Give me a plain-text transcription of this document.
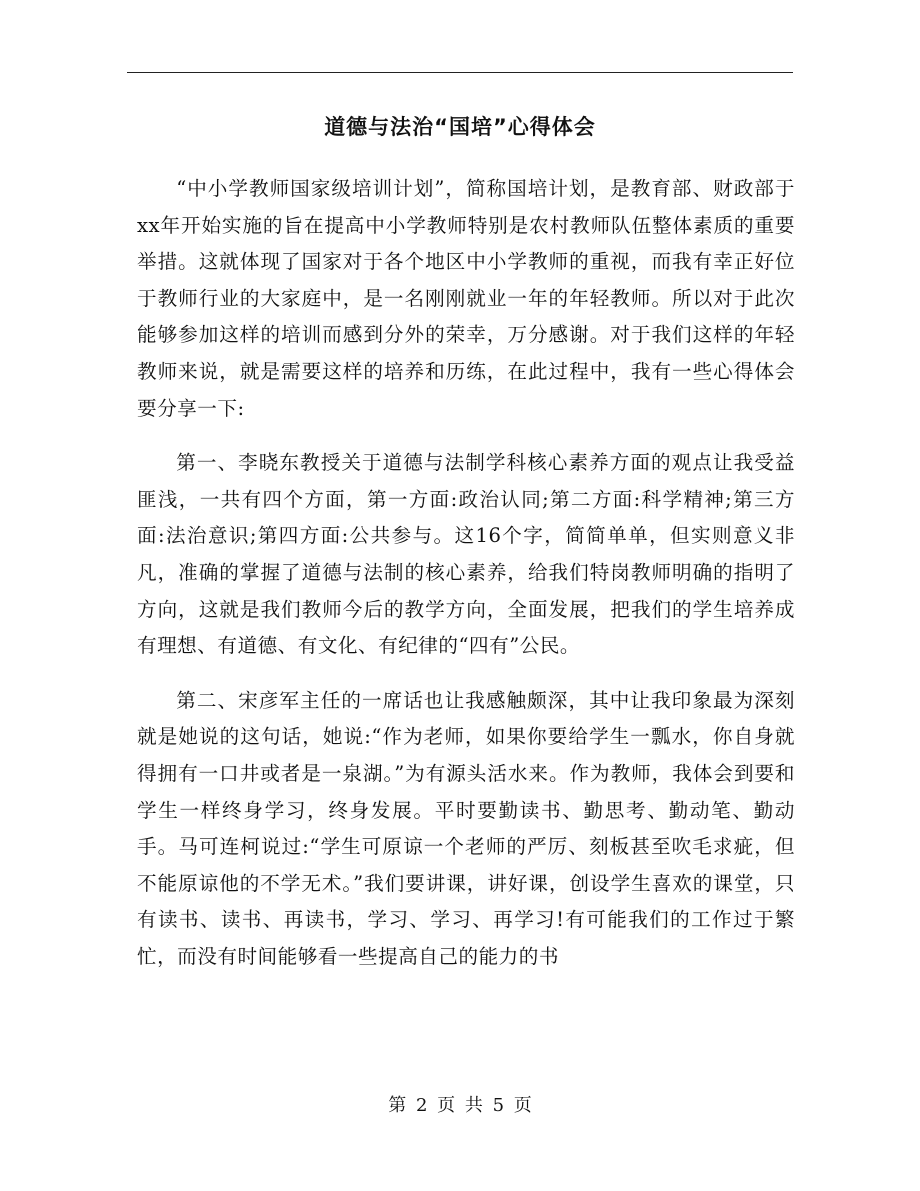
道德与法治“国培”心得体会

“中小学教师国家级培训计划”，简称国培计划，是教育部、财政部于xx年开始实施的旨在提高中小学教师特别是农村教师队伍整体素质的重要举措。这就体现了国家对于各个地区中小学教师的重视，而我有幸正好位于教师行业的大家庭中，是一名刚刚就业一年的年轻教师。所以对于此次能够参加这样的培训而感到分外的荣幸，万分感谢。对于我们这样的年轻教师来说，就是需要这样的培养和历练，在此过程中，我有一些心得体会要分享一下:

第一、李晓东教授关于道德与法制学科核心素养方面的观点让我受益匪浅，一共有四个方面，第一方面:政治认同;第二方面:科学精神;第三方面:法治意识;第四方面:公共参与。这16个字，简简单单，但实则意义非凡，准确的掌握了道德与法制的核心素养，给我们特岗教师明确的指明了方向，这就是我们教师今后的教学方向，全面发展，把我们的学生培养成有理想、有道德、有文化、有纪律的“四有”公民。

第二、宋彦军主任的一席话也让我感触颇深，其中让我印象最为深刻就是她说的这句话，她说:“作为老师，如果你要给学生一瓢水，你自身就得拥有一口井或者是一泉湖。”为有源头活水来。作为教师，我体会到要和学生一样终身学习，终身发展。平时要勤读书、勤思考、勤动笔、勤动手。马可连柯说过:“学生可原谅一个老师的严厉、刻板甚至吹毛求疵，但不能原谅他的不学无术。”我们要讲课，讲好课，创设学生喜欢的课堂，只有读书、读书、再读书，学习、学习、再学习!有可能我们的工作过于繁忙，而没有时间能够看一些提高自己的能力的书

第 2 页 共 5 页
